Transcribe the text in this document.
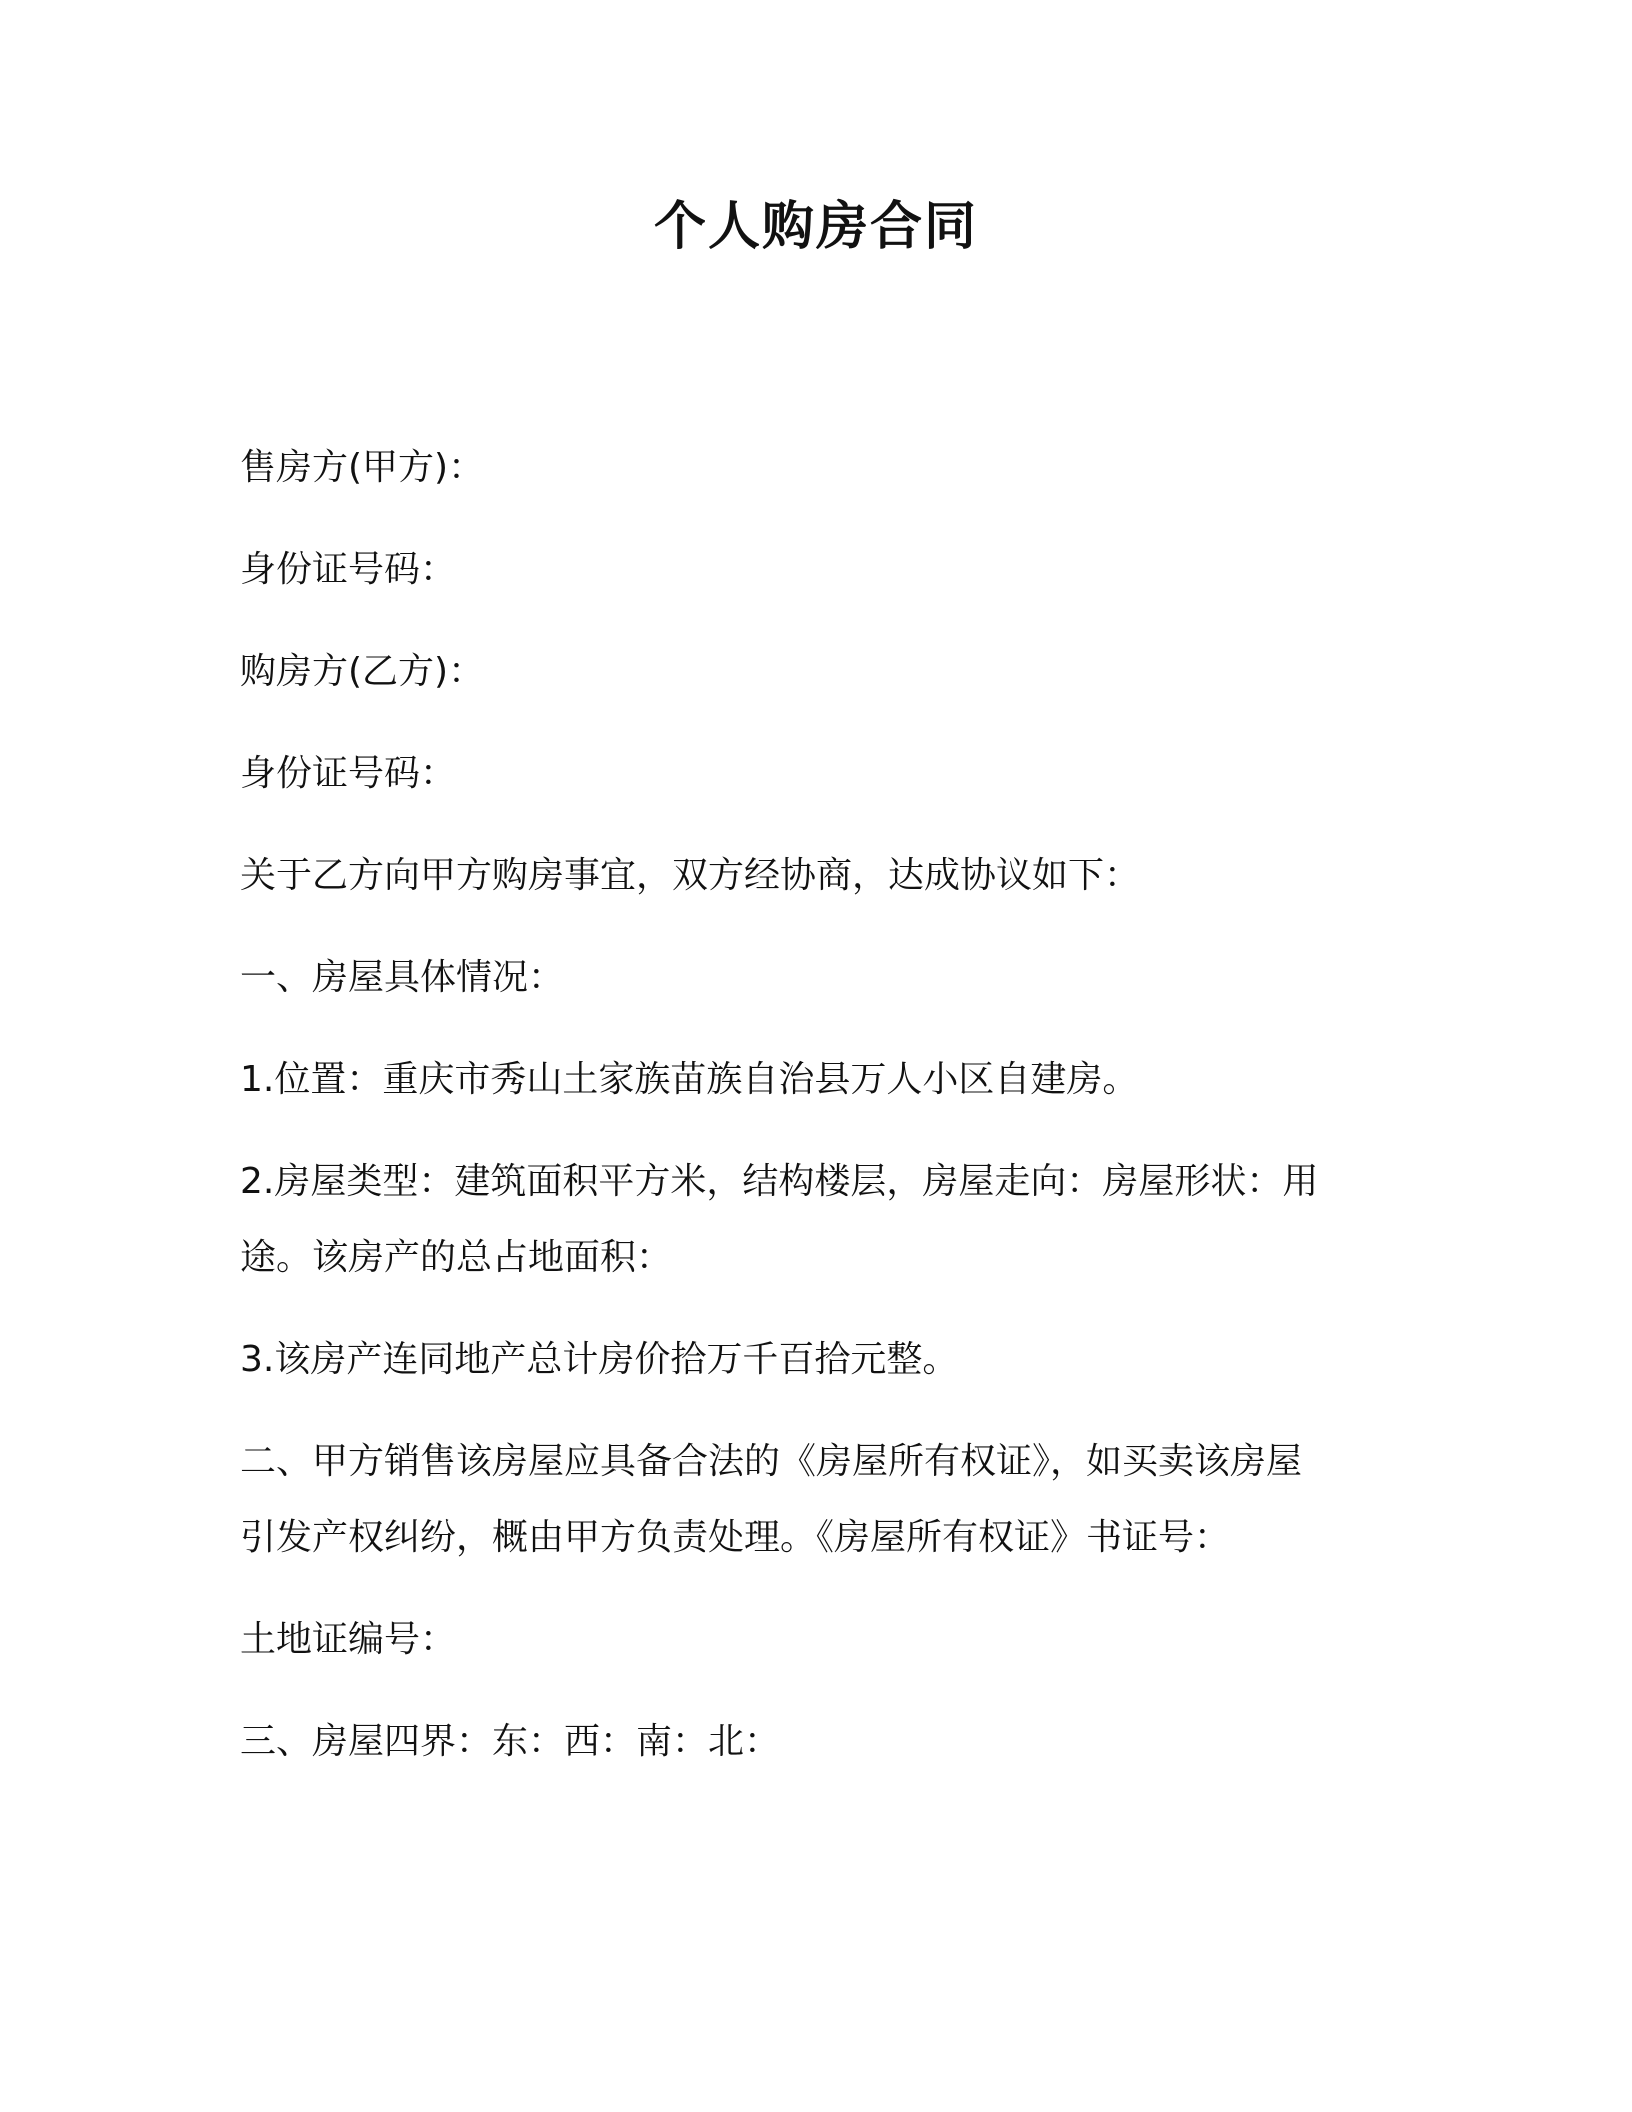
个人购房合同
售房方(甲方)：
身份证号码：
购房方(乙方)：
身份证号码：
关于乙方向甲方购房事宜，双方经协商，达成协议如下：
一、房屋具体情况：
1.位置：重庆市秀山土家族苗族自治县万人小区自建房。
2.房屋类型：建筑面积平方米，结构楼层，房屋走向：房屋形状：用
途。该房产的总占地面积：
3.该房产连同地产总计房价拾万千百拾元整。
二、甲方销售该房屋应具备合法的《房屋所有权证》，如买卖该房屋
引发产权纠纷，概由甲方负责处理。《房屋所有权证》书证号：
土地证编号：
三、房屋四界：东：西：南：北：
